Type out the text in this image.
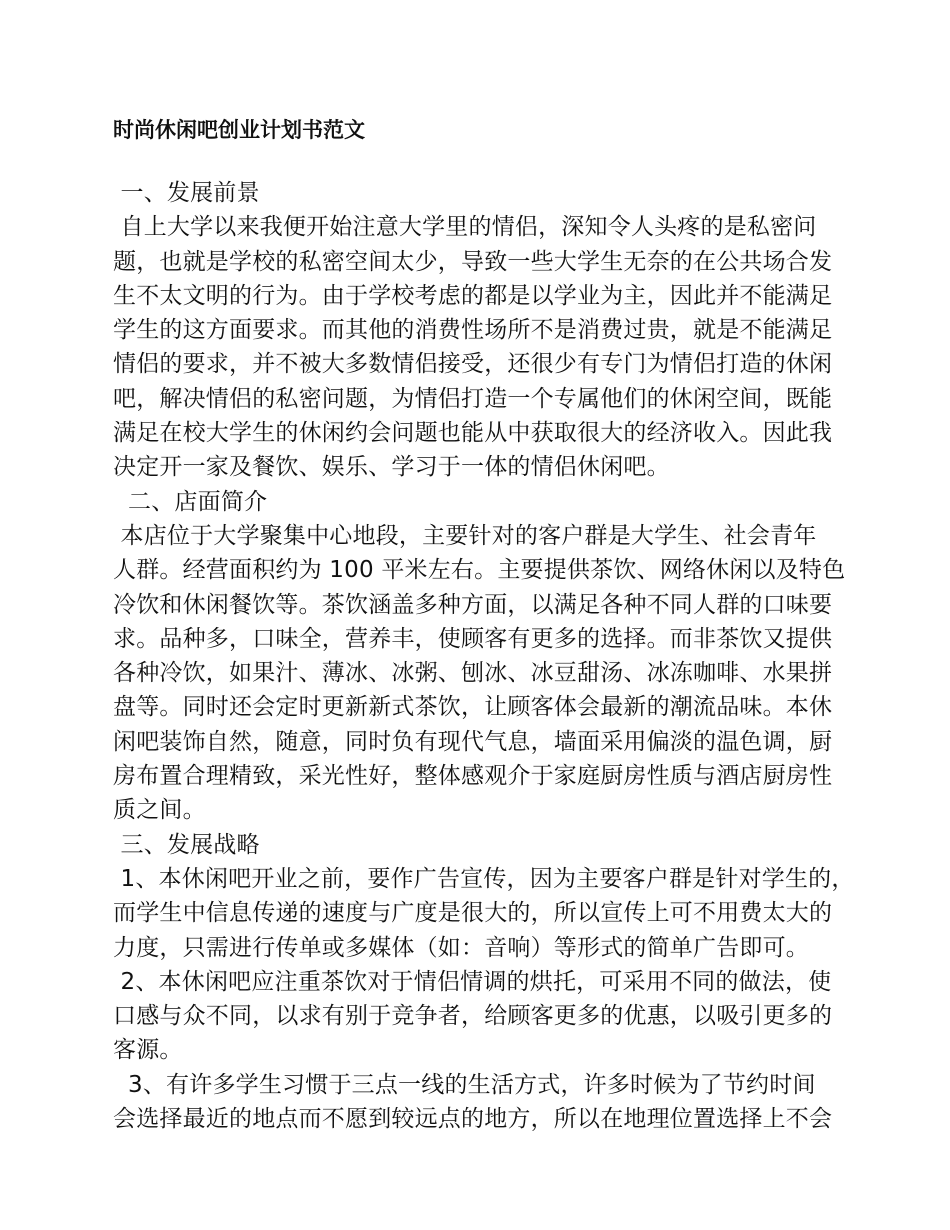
时尚休闲吧创业计划书范文
一、发展前景
自上大学以来我便开始注意大学里的情侣，深知令人头疼的是私密问
题，也就是学校的私密空间太少，导致一些大学生无奈的在公共场合发
生不太文明的行为。由于学校考虑的都是以学业为主，因此并不能满足
学生的这方面要求。而其他的消费性场所不是消费过贵，就是不能满足
情侣的要求，并不被大多数情侣接受，还很少有专门为情侣打造的休闲
吧，解决情侣的私密问题，为情侣打造一个专属他们的休闲空间，既能
满足在校大学生的休闲约会问题也能从中获取很大的经济收入。因此我
决定开一家及餐饮、娱乐、学习于一体的情侣休闲吧。
二、店面简介
本店位于大学聚集中心地段，主要针对的客户群是大学生、社会青年
人群。经营面积约为 100 平米左右。主要提供茶饮、网络休闲以及特色
冷饮和休闲餐饮等。茶饮涵盖多种方面，以满足各种不同人群的口味要
求。品种多，口味全，营养丰，使顾客有更多的选择。而非茶饮又提供
各种冷饮，如果汁、薄冰、冰粥、刨冰、冰豆甜汤、冰冻咖啡、水果拼
盘等。同时还会定时更新新式茶饮，让顾客体会最新的潮流品味。本休
闲吧装饰自然，随意，同时负有现代气息，墙面采用偏淡的温色调，厨
房布置合理精致，采光性好，整体感观介于家庭厨房性质与酒店厨房性
质之间。
三、发展战略
1、本休闲吧开业之前，要作广告宣传，因为主要客户群是针对学生的，
而学生中信息传递的速度与广度是很大的，所以宣传上可不用费太大的
力度，只需进行传单或多媒体（如：音响）等形式的简单广告即可。
2、本休闲吧应注重茶饮对于情侣情调的烘托，可采用不同的做法，使
口感与众不同，以求有别于竞争者，给顾客更多的优惠，以吸引更多的
客源。
3、有许多学生习惯于三点一线的生活方式，许多时候为了节约时间
会选择最近的地点而不愿到较远点的地方，所以在地理位置选择上不会
